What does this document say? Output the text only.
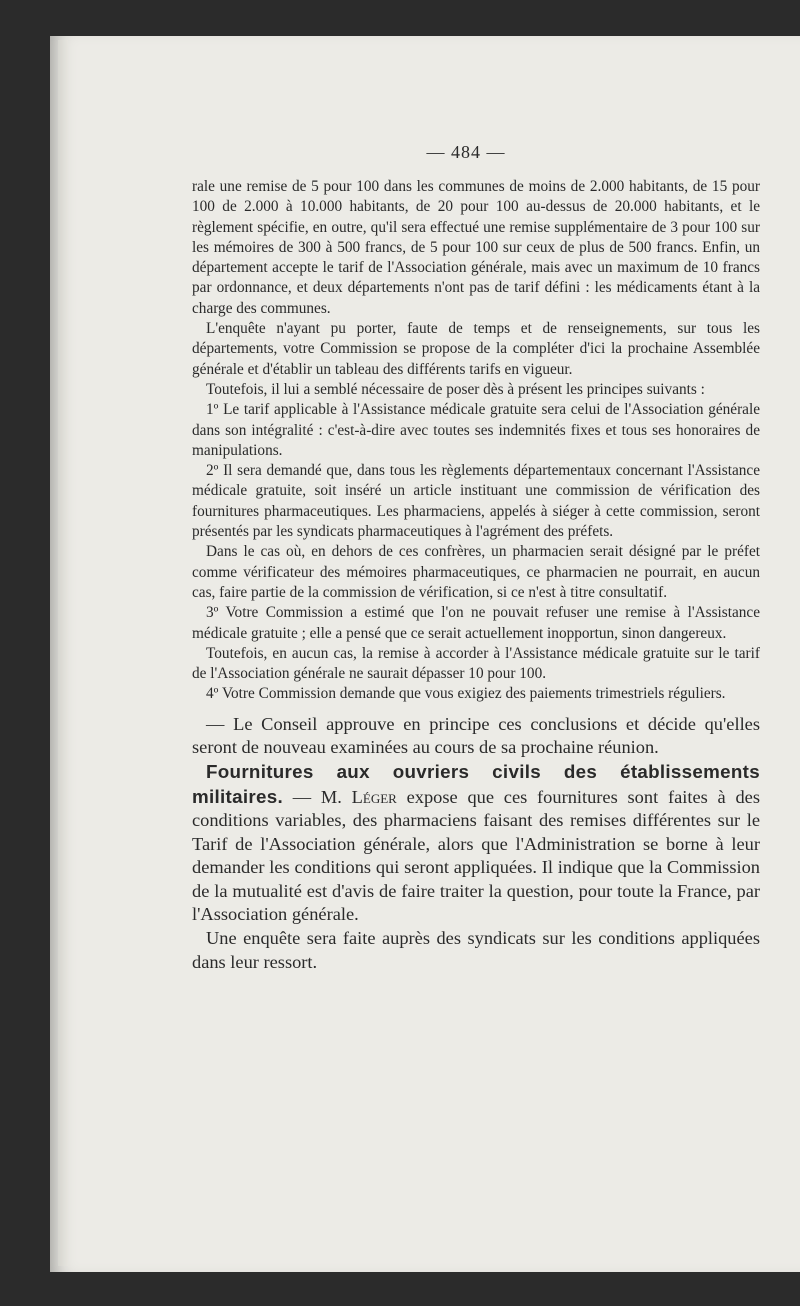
— 484 —

rale une remise de 5 pour 100 dans les communes de moins de 2.000 habitants, de 15 pour 100 de 2.000 à 10.000 habitants, de 20 pour 100 au-dessus de 20.000 habitants, et le règlement spécifie, en outre, qu'il sera effectué une remise supplémentaire de 3 pour 100 sur les mémoires de 300 à 500 francs, de 5 pour 100 sur ceux de plus de 500 francs. Enfin, un département accepte le tarif de l'Association générale, mais avec un maximum de 10 francs par ordonnance, et deux départements n'ont pas de tarif défini : les médicaments étant à la charge des communes.

L'enquête n'ayant pu porter, faute de temps et de renseignements, sur tous les départements, votre Commission se propose de la compléter d'ici la prochaine Assemblée générale et d'établir un tableau des différents tarifs en vigueur.

Toutefois, il lui a semblé nécessaire de poser dès à présent les principes suivants :

1º Le tarif applicable à l'Assistance médicale gratuite sera celui de l'Association générale dans son intégralité : c'est-à-dire avec toutes ses indemnités fixes et tous ses honoraires de manipulations.

2º Il sera demandé que, dans tous les règlements départementaux concernant l'Assistance médicale gratuite, soit inséré un article instituant une commission de vérification des fournitures pharmaceutiques. Les pharmaciens, appelés à siéger à cette commission, seront présentés par les syndicats pharmaceutiques à l'agrément des préfets.

Dans le cas où, en dehors de ces confrères, un pharmacien serait désigné par le préfet comme vérificateur des mémoires pharmaceutiques, ce pharmacien ne pourrait, en aucun cas, faire partie de la commission de vérification, si ce n'est à titre consultatif.

3º Votre Commission a estimé que l'on ne pouvait refuser une remise à l'Assistance médicale gratuite ; elle a pensé que ce serait actuellement inopportun, sinon dangereux.

Toutefois, en aucun cas, la remise à accorder à l'Assistance médicale gratuite sur le tarif de l'Association générale ne saurait dépasser 10 pour 100.

4º Votre Commission demande que vous exigiez des paiements trimestriels réguliers.

— Le Conseil approuve en principe ces conclusions et décide qu'elles seront de nouveau examinées au cours de sa prochaine réunion.

Fournitures aux ouvriers civils des établissements militaires. — M. Léger expose que ces fournitures sont faites à des conditions variables, des pharmaciens faisant des remises différentes sur le Tarif de l'Association générale, alors que l'Administration se borne à leur demander les conditions qui seront appliquées. Il indique que la Commission de la mutualité est d'avis de faire traiter la question, pour toute la France, par l'Association générale.

Une enquête sera faite auprès des syndicats sur les conditions appliquées dans leur ressort.
